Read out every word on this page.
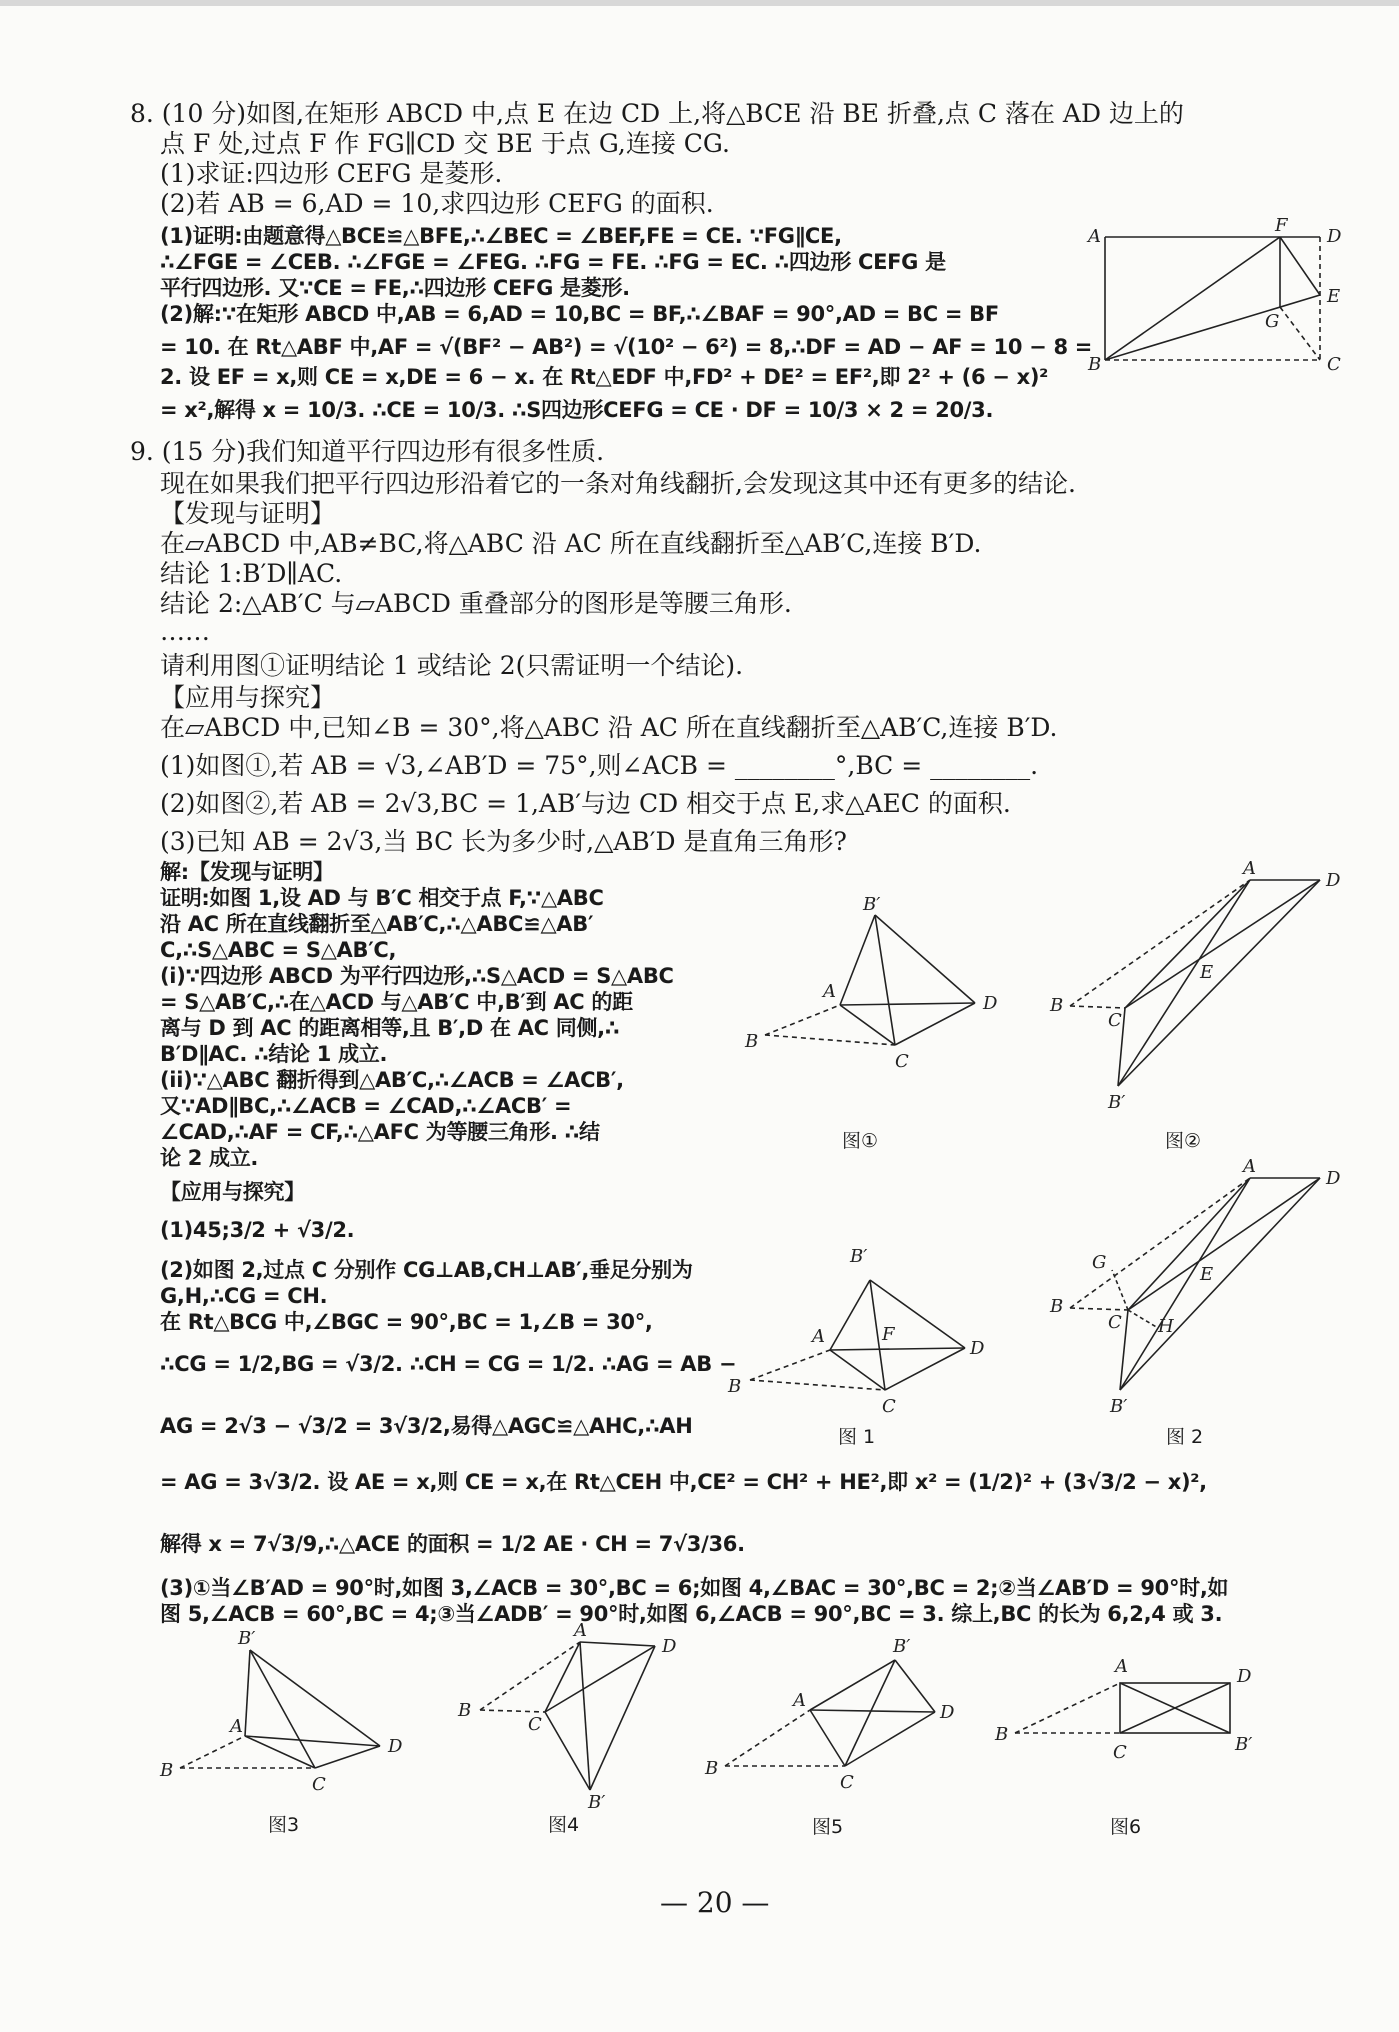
8. (10 分)如图,在矩形 ABCD 中,点 E 在边 CD 上,将△BCE 沿 BE 折叠,点 C 落在 AD 边上的
点 F 处,过点 F 作 FG∥CD 交 BE 于点 G,连接 CG.
(1)求证:四边形 CEFG 是菱形.
(2)若 AB = 6,AD = 10,求四边形 CEFG 的面积.
(1)证明:由题意得△BCE≌△BFE,∴∠BEC = ∠BEF,FE = CE. ∵FG∥CE,
∴∠FGE = ∠CEB. ∴∠FGE = ∠FEG. ∴FG = FE. ∴FG = EC. ∴四边形 CEFG 是
平行四边形. 又∵CE = FE,∴四边形 CEFG 是菱形.
(2)解:∵在矩形 ABCD 中,AB = 6,AD = 10,BC = BF,∴∠BAF = 90°,AD = BC = BF
= 10. 在 Rt△ABF 中,AF = √(BF² − AB²) = √(10² − 6²) = 8,∴DF = AD − AF = 10 − 8 =
2. 设 EF = x,则 CE = x,DE = 6 − x. 在 Rt△EDF 中,FD² + DE² = EF²,即 2² + (6 − x)²
= x²,解得 x = 10/3. ∴CE = 10/3. ∴S四边形CEFG = CE · DF = 10/3 × 2 = 20/3.
A
F
D
E
G
B	C
9. (15 分)我们知道平行四边形有很多性质.
现在如果我们把平行四边形沿着它的一条对角线翻折,会发现这其中还有更多的结论.
【发现与证明】
在▱ABCD 中,AB≠BC,将△ABC 沿 AC 所在直线翻折至△AB′C,连接 B′D.
结论 1:B′D∥AC.
结论 2:△AB′C 与▱ABCD 重叠部分的图形是等腰三角形.
……
请利用图①证明结论 1 或结论 2(只需证明一个结论).
【应用与探究】
在▱ABCD 中,已知∠B = 30°,将△ABC 沿 AC 所在直线翻折至△AB′C,连接 B′D.
(1)如图①,若 AB = √3,∠AB′D = 75°,则∠ACB = ________°,BC = ________.
(2)如图②,若 AB = 2√3,BC = 1,AB′与边 CD 相交于点 E,求△AEC 的面积.
(3)已知 AB = 2√3,当 BC 长为多少时,△AB′D 是直角三角形?
解:【发现与证明】
证明:如图 1,设 AD 与 B′C 相交于点 F,∵△ABC
沿 AC 所在直线翻折至△AB′C,∴△ABC≌△AB′
C,∴S△ABC = S△AB′C,
(i)∵四边形 ABCD 为平行四边形,∴S△ACD = S△ABC
= S△AB′C,∴在△ACD 与△AB′C 中,B′到 AC 的距
离与 D 到 AC 的距离相等,且 B′,D 在 AC 同侧,∴
B′D∥AC. ∴结论 1 成立.
(ii)∵△ABC 翻折得到△AB′C,∴∠ACB = ∠ACB′,
又∵AD∥BC,∴∠ACB = ∠CAD,∴∠ACB′ =
∠CAD,∴AF = CF,∴△AFC 为等腰三角形. ∴结
论 2 成立.
【应用与探究】
(1)45;3/2 + √3/2.
(2)如图 2,过点 C 分别作 CG⊥AB,CH⊥AB′,垂足分别为
G,H,∴CG = CH.
在 Rt△BCG 中,∠BGC = 90°,BC = 1,∠B = 30°,
∴CG = 1/2,BG = √3/2. ∴CH = CG = 1/2. ∴AG = AB −
AG = 2√3 − √3/2 = 3√3/2,易得△AGC≌△AHC,∴AH
= AG = 3√3/2. 设 AE = x,则 CE = x,在 Rt△CEH 中,CE² = CH² + HE²,即 x² = (1/2)² + (3√3/2 − x)²,
解得 x = 7√3/9,∴△ACE 的面积 = 1/2 AE · CH = 7√3/36.
(3)①当∠B′AD = 90°时,如图 3,∠ACB = 30°,BC = 6;如图 4,∠BAC = 30°,BC = 2;②当∠AB′D = 90°时,如
图 5,∠ACB = 60°,BC = 4;③当∠ADB′ = 90°时,如图 6,∠ACB = 90°,BC = 3. 综上,BC 的长为 6,2,4 或 3.
B′
A
D
B
C
图①
A
D
E
B
C
B′
图②
B′
A	F
D
B
C
图 1
A
D
G
E
B
C H
B′
图 2
B′
A
D
B
C
图3
A
D
B
C
B′
图4
B′
A
D
B
C
图5
A	D
B
C	B′
图6
— 20 —
